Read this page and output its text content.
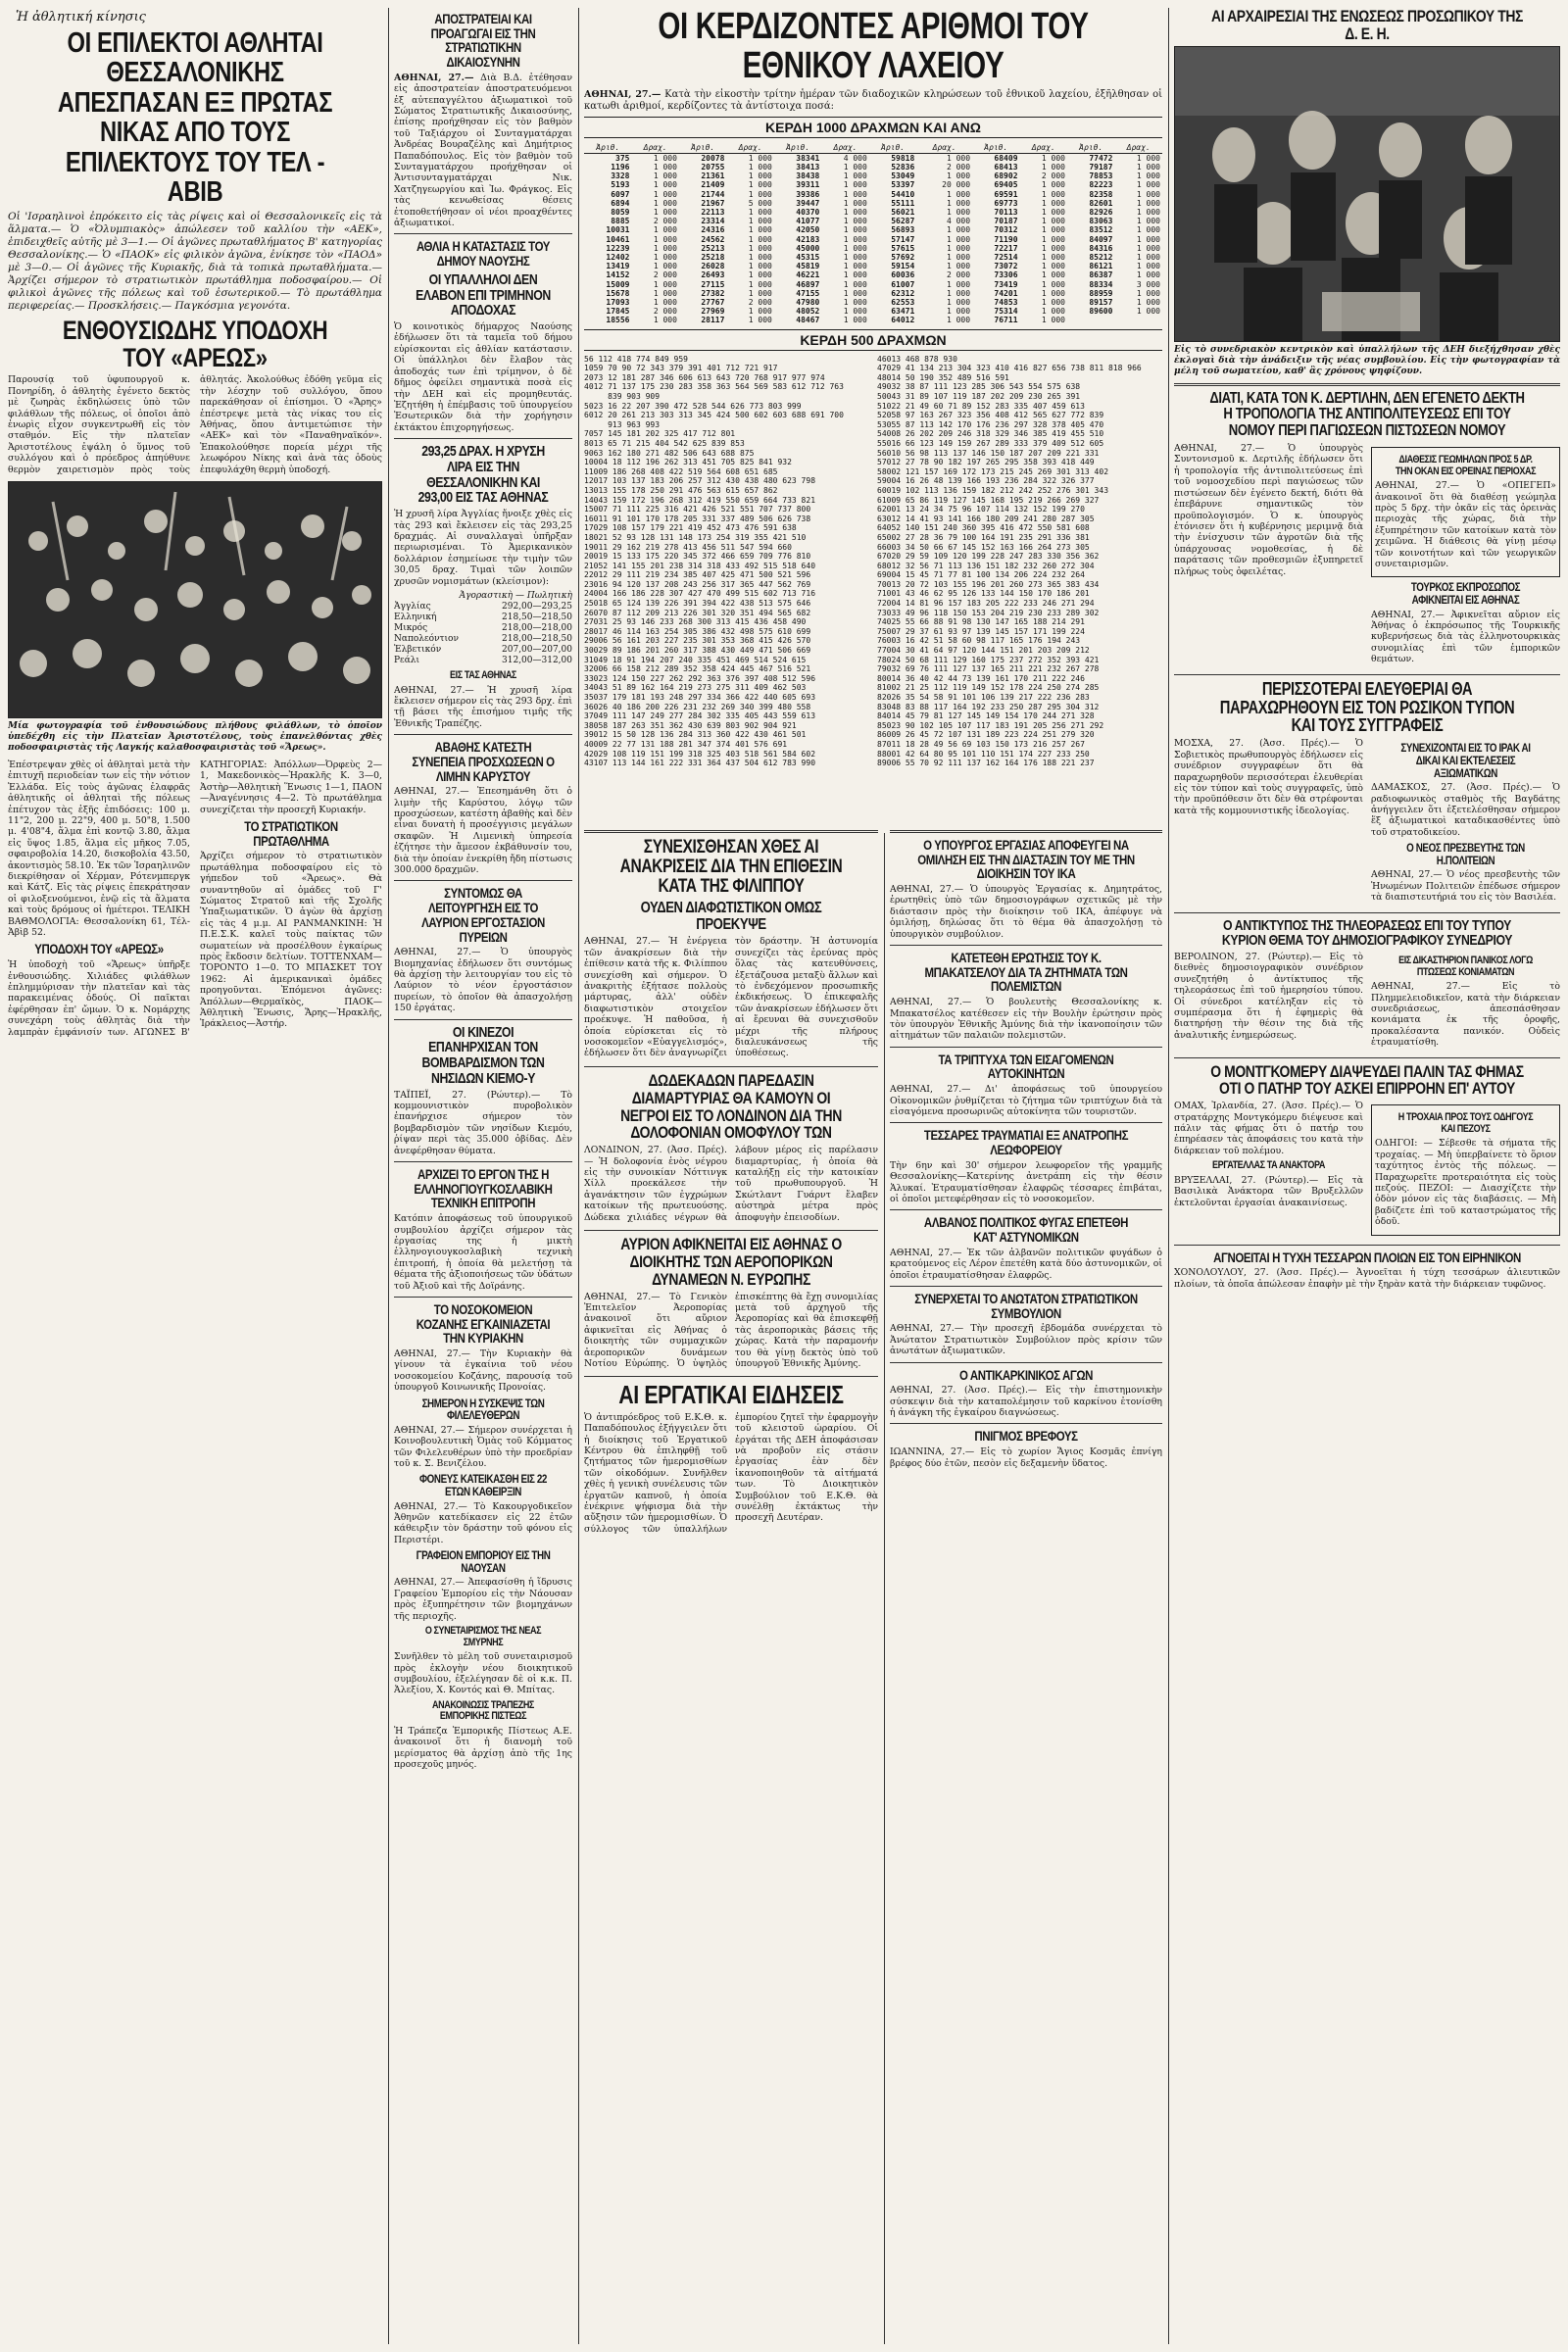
Ἡ ἀθλητική κίνησις
ΟΙ ΕΠΙΛΕΚΤΟΙ ΑΘΛΗΤΑΙ ΘΕΣΣΑΛΟΝΙΚΗΣ ΑΠΕΣΠΑΣΑΝ ΕΞ ΠΡΩΤΑΣ ΝΙΚΑΣ ΑΠΟ ΤΟΥΣ ΕΠΙΛΕΚΤΟΥΣ ΤΟΥ ΤΕΛ - ΑΒΙΒ

Οἱ 'Ισραηλινοὶ ἐπρόκειτο εἰς τὰς ρίψεις καὶ οἱ Θεσσαλονικεῖς εἰς τὰ ἅλματα.— Ὁ «Ὀλυμπιακὸς» ἀπώλεσεν τοῦ καλλίου τὴν «ΑΕΚ», ἐπιδειχθεῖς αὐτῆς μὲ 3—1.— Οἱ ἀγῶνες πρωταθλήματος Β' κατηγορίας Θεσσαλονίκης.— Ὁ «ΠΑΟΚ» εἰς φιλικὸν ἀγῶνα, ἐνίκησε τὸν «ΠΑΟΔ» μὲ 3—0.— Οἱ ἀγῶνες τῆς Κυριακῆς, διὰ τὰ τοπικὰ πρωταθλήματα.— Ἀρχίζει σήμερον τὸ στρατιωτικὸν πρωτάθλημα ποδοσφαίρου.— Οἱ φιλικοὶ ἀγῶνες τῆς πόλεως καὶ τοῦ ἐσωτερικοῦ.— Τὸ πρωτάθλημα περιφερείας.— Προσκλήσεις.— Παγκόσμια γεγονότα.

ΕΝΘΟΥΣΙΩΔΗΣ ΥΠΟΔΟΧΗ ΤΟΥ «ΑΡΕΩΣ»

Παρουσίᾳ τοῦ ὑφυπουργοῦ κ. Πονηρίδη, ὁ ἀθλητὴς ἐγένετο δεκτὸς μὲ ζωηρὰς ἐκδηλώσεις ὑπὸ τῶν φιλάθλων τῆς πόλεως, οἱ ὁποῖοι ἀπὸ ἐνωρὶς εἶχον συγκεντρωθῆ εἰς τὸν σταθμόν. Εἰς τὴν πλατεῖαν Ἀριστοτέλους ἐψάλη ὁ ὕμνος τοῦ συλλόγου καὶ ὁ πρόεδρος ἀπηύθυνε θερμὸν χαιρετισμὸν πρὸς τοὺς ἀθλητάς. Ἀκολούθως ἐδόθη γεῦμα εἰς τὴν λέσχην τοῦ συλλόγου, ὅπου παρεκάθησαν οἱ ἐπίσημοι. Ὁ «Ἄρης» ἐπέστρεψε μετὰ τὰς νίκας του εἰς Ἀθήνας, ὅπου ἀντιμετώπισε τὴν «ΑΕΚ» καὶ τὸν «Παναθηναϊκόν». Ἐπακολούθησε πορεία μέχρι τῆς λεωφόρου Νίκης καὶ ἀνὰ τὰς ὁδοὺς ἐπεφυλάχθη θερμὴ ὑποδοχή.

Μία φωτογραφία τοῦ ἐνθουσιώδους πλήθους φιλάθλων, τὸ ὁποῖον ὑπεδέχθη εἰς τὴν Πλατεῖαν Ἀριστοτέλους, τοὺς ἐπανελθόντας χθὲς ποδοσφαιριστὰς τῆς Λαγκής καλαθοσφαιριστὰς τοῦ «Ἄρεως».

Ἐπέστρεψαν χθὲς οἱ ἀθληταὶ μετὰ τὴν ἐπιτυχῆ περιοδείαν των εἰς τὴν νότιον Ἑλλάδα. Εἰς τοὺς ἀγῶνας ἐλαφρᾶς ἀθλητικῆς οἱ ἀθληταὶ τῆς πόλεως ἐπέτυχον τὰς ἑξῆς ἐπιδόσεις: 100 μ. 11"2, 200 μ. 22"9, 400 μ. 50"8, 1.500 μ. 4'08"4, ἅλμα ἐπὶ κοντῷ 3.80, ἅλμα εἰς ὕψος 1.85, ἅλμα εἰς μῆκος 7.05, σφαιροβολία 14.20, δισκοβολία 43.50, ἀκοντισμὸς 58.10. Ἐκ τῶν Ἰσραηλινῶν διεκρίθησαν οἱ Χέρμαν, Ρότενμπεργκ καὶ Κάτζ. Εἰς τὰς ρίψεις ἐπεκράτησαν οἱ φιλοξενούμενοι, ἐνῷ εἰς τὰ ἅλματα καὶ τοὺς δρόμους οἱ ἡμέτεροι. ΤΕΛΙΚΗ ΒΑΘΜΟΛΟΓΙΑ: Θεσσαλονίκη 61, Τέλ-Ἀβὶβ 52.

ΥΠΟΔΟΧΗ ΤΟΥ «ΑΡΕΩΣ»

Ἡ ὑποδοχὴ τοῦ «Ἄρεως» ὑπῆρξε ἐνθουσιώδης. Χιλιάδες φιλάθλων ἐπλημμύρισαν τὴν πλατεῖαν καὶ τὰς παρακειμένας ὁδούς. Οἱ παῖκται ἐφέρθησαν ἐπ' ὤμων. Ὁ κ. Νομάρχης συνεχάρη τοὺς ἀθλητὰς διὰ τὴν λαμπρὰν ἐμφάνισίν των. ΑΓΩΝΕΣ Β' ΚΑΤΗΓΟΡΙΑΣ: Ἀπόλλων—Ὀρφεὺς 2—1, Μακεδονικὸς—Ἠρακλῆς Κ. 3—0, Ἀστὴρ—Ἀθλητικὴ Ἕνωσις 1—1, ΠΑΟΝ—Ἀναγέννησις 4—2. Τὸ πρωτάθλημα συνεχίζεται τὴν προσεχῆ Κυριακήν.

ΤΟ ΣΤΡΑΤΙΩΤΙΚΟΝ ΠΡΩΤΑΘΛΗΜΑ

Ἀρχίζει σήμερον τὸ στρατιωτικὸν πρωτάθλημα ποδοσφαίρου εἰς τὸ γήπεδον τοῦ «Ἄρεως». Θὰ συναντηθοῦν αἱ ὁμάδες τοῦ Γ' Σώματος Στρατοῦ καὶ τῆς Σχολῆς Ὑπαξιωματικῶν. Ὁ ἀγὼν θὰ ἀρχίσῃ εἰς τὰς 4 μ.μ. ΑΙ ΡΑΝΜΑΝΚΙΝΗ: Ἡ Π.Ε.Σ.Κ. καλεῖ τοὺς παίκτας τῶν σωματείων νὰ προσέλθουν ἐγκαίρως πρὸς ἔκδοσιν δελτίων. ΤΟΤΤΕΝΧΑΜ—ΤΟΡΟΝΤΟ 1—0. ΤΟ ΜΠΑΣΚΕΤ ΤΟΥ 1962: Αἱ ἀμερικανικαὶ ὁμάδες προηγοῦνται. Ἐπόμενοι ἀγῶνες: Ἀπόλλων—Θερμαϊκὸς, ΠΑΟΚ—Ἀθλητικὴ Ἕνωσις, Ἄρης—Ἠρακλῆς, Ἰράκλειος—Ἀστήρ.

ΑΠΟΣΤΡΑΤΕΙΑΙ ΚΑΙ ΠΡΟΑΓΩΓΑΙ ΕΙΣ ΤΗΝ ΣΤΡΑΤΙΩΤΙΚΗΝ ΔΙΚΑΙΟΣΥΝΗΝ

ΑΘΗΝΑΙ, 27.— Διὰ Β.Δ. ἐτέθησαν εἰς ἀποστρατείαν ἀποστρατευόμενοι ἐξ αὐτεπαγγέλτου ἀξιωματικοὶ τοῦ Σώματος Στρατιωτικῆς Δικαιοσύνης, ἐπίσης προήχθησαν εἰς τὸν βαθμὸν τοῦ Ταξιάρχου οἱ Συνταγματάρχαι Ἀνδρέας Βουραζέλης καὶ Δημήτριος Παπαδόπουλος. Εἰς τὸν βαθμὸν τοῦ Συνταγματάρχου προήχθησαν οἱ Ἀντισυνταγματάρχαι Νικ. Χατζηγεωργίου καὶ Ἰω. Φράγκος. Εἰς τὰς κενωθείσας θέσεις ἐτοποθετήθησαν οἱ νέοι προαχθέντες ἀξιωματικοί.

ΑΘΛΙΑ Η ΚΑΤΑΣΤΑΣΙΣ ΤΟΥ ΔΗΜΟΥ ΝΑΟΥΣΗΣ
ΟΙ ΥΠΑΛΛΗΛΟΙ ΔΕΝ ΕΛΑΒΟΝ ΕΠΙ ΤΡΙΜΗΝΟΝ ΑΠΟΔΟΧΑΣ

Ὁ κοινοτικὸς δήμαρχος Ναούσης ἐδήλωσεν ὅτι τὰ ταμεῖα τοῦ δήμου εὑρίσκονται εἰς ἀθλίαν κατάστασιν. Οἱ ὑπάλληλοι δὲν ἔλαβον τὰς ἀποδοχάς των ἐπὶ τρίμηνον, ὁ δὲ δῆμος ὀφείλει σημαντικὰ ποσὰ εἰς τὴν ΔΕΗ καὶ εἰς προμηθευτάς. Ἐζητήθη ἡ ἐπέμβασις τοῦ ὑπουργείου Ἐσωτερικῶν διὰ τὴν χορήγησιν ἐκτάκτου ἐπιχορηγήσεως.

293,25 ΔΡΑΧ. Η ΧΡΥΣΗ ΛΙΡΑ ΕΙΣ ΤΗΝ ΘΕΣΣΑΛΟΝΙΚΗΝ ΚΑΙ 293,00 ΕΙΣ ΤΑΣ ΑΘΗΝΑΣ

Ἡ χρυσῆ λίρα Ἀγγλίας ἤνοιξε χθὲς εἰς τὰς 293 καὶ ἔκλεισεν εἰς τὰς 293,25 δραχμάς. Αἱ συναλλαγαὶ ὑπῆρξαν περιωρισμέναι. Τὸ Ἀμερικανικὸν δολλάριον ἐσημείωσε τὴν τιμὴν τῶν 30,05 δραχ. Τιμαὶ τῶν λοιπῶν χρυσῶν νομισμάτων (κλείσιμον):

Ἀγοραστικὴ — Πωλητικὴ
Ἀγγλίας	292,00—293,25
Ελληνική	218,50—218,50
Μικρός	218,00—218,00
Ναπολεόντιον	218,00—218,50
Ἑλβετικόν	207,00—207,00
Ρεάλι	312,00—312,00
ΕΙΣ ΤΑΣ ΑΘΗΝΑΣ

ΑΘΗΝΑΙ, 27.— Ἡ χρυσῆ λίρα ἔκλεισεν σήμερον εἰς τὰς 293 δρχ. ἐπὶ τῇ βάσει τῆς ἐπισήμου τιμῆς τῆς Ἐθνικῆς Τραπέζης.

ΑΒΑΘΗΣ ΚΑΤΕΣΤΗ ΣΥΝΕΠΕΙΑ ΠΡΟΣΧΩΣΕΩΝ Ο ΛΙΜΗΝ ΚΑΡΥΣΤΟΥ

ΑΘΗΝΑΙ, 27.— Ἐπεσημάνθη ὅτι ὁ λιμὴν τῆς Καρύστου, λόγῳ τῶν προσχώσεων, κατέστη ἀβαθὴς καὶ δὲν εἶναι δυνατὴ ἡ προσέγγισις μεγάλων σκαφῶν. Ἡ Λιμενικὴ ὑπηρεσία ἐζήτησε τὴν ἄμεσον ἐκβάθυνσίν του, διὰ τὴν ὁποίαν ἐνεκρίθη ἤδη πίστωσις 300.000 δραχμῶν.

ΣΥΝΤΟΜΩΣ ΘΑ ΛΕΙΤΟΥΡΓΗΣΗ ΕΙΣ ΤΟ ΛΑΥΡΙΟΝ ΕΡΓΟΣΤΑΣΙΟΝ ΠΥΡΕΙΩΝ

ΑΘΗΝΑΙ, 27.— Ὁ ὑπουργὸς Βιομηχανίας ἐδήλωσεν ὅτι συντόμως θὰ ἀρχίσῃ τὴν λειτουργίαν του εἰς τὸ Λαύριον τὸ νέον ἐργοστάσιον πυρείων, τὸ ὁποῖον θὰ ἀπασχολήσῃ 150 ἐργάτας.

ΟΙ ΚΙΝΕΖΟΙ ΕΠΑΝΗΡΧΙΣΑΝ ΤΟΝ ΒΟΜΒΑΡΔΙΣΜΟΝ ΤΩΝ ΝΗΣΙΔΩΝ ΚΙΕΜΟ-Υ

ΤΑΪΠΕΪ, 27. (Ρώυτερ).— Τὸ κομμουνιστικὸν πυροβολικὸν ἐπανήρχισε σήμερον τὸν βομβαρδισμὸν τῶν νησίδων Κιεμόυ, ῥίψαν περὶ τὰς 35.000 ὀβίδας. Δὲν ἀνεφέρθησαν θύματα.

ΑΡΧΙΖΕΙ ΤΟ ΕΡΓΟΝ ΤΗΣ Η ΕΛΛΗΝΟΓΙΟΥΓΚΟΣΛΑΒΙΚΗ ΤΕΧΝΙΚΗ ΕΠΙΤΡΟΠΗ

Κατόπιν ἀποφάσεως τοῦ ὑπουργικοῦ συμβουλίου ἀρχίζει σήμερον τὰς ἐργασίας της ἡ μικτὴ ἑλληνογιουγκοσλαβικὴ τεχνικὴ ἐπιτροπή, ἡ ὁποία θὰ μελετήσῃ τὰ θέματα τῆς ἀξιοποιήσεως τῶν ὑδάτων τοῦ Ἀξιοῦ καὶ τῆς Δοϊράνης.

ΤΟ ΝΟΣΟΚΟΜΕΙΟΝ ΚΟΖΑΝΗΣ ΕΓΚΑΙΝΙΑΖΕΤΑΙ ΤΗΝ ΚΥΡΙΑΚΗΝ

ΑΘΗΝΑΙ, 27.— Τὴν Κυριακὴν θὰ γίνουν τὰ ἐγκαίνια τοῦ νέου νοσοκομείου Κοζάνης, παρουσίᾳ τοῦ ὑπουργοῦ Κοινωνικῆς Προνοίας.

ΣΗΜΕΡΟΝ Η ΣΥΣΚΕΨΙΣ ΤΩΝ ΦΙΛΕΛΕΥΘΕΡΩΝ

ΑΘΗΝΑΙ, 27.— Σήμερον συνέρχεται ἡ Κοινοβουλευτικὴ Ὁμὰς τοῦ Κόμματος τῶν Φιλελευθέρων ὑπὸ τὴν προεδρίαν τοῦ κ. Σ. Βενιζέλου.

ΦΟΝΕΥΣ ΚΑΤΕΙΚΑΣΘΗ ΕΙΣ 22 ΕΤΩΝ ΚΑΘΕΙΡΞΙΝ

ΑΘΗΝΑΙ, 27.— Τὸ Κακουργοδικεῖον Ἀθηνῶν κατεδίκασεν εἰς 22 ἐτῶν κάθειρξιν τὸν δράστην τοῦ φόνου εἰς Περιστέρι.

ΓΡΑΦΕΙΟΝ ΕΜΠΟΡΙΟΥ ΕΙΣ ΤΗΝ ΝΑΟΥΣΑΝ

ΑΘΗΝΑΙ, 27.— Ἀπεφασίσθη ἡ ἵδρυσις Γραφείου Ἐμπορίου εἰς τὴν Νάουσαν πρὸς ἐξυπηρέτησιν τῶν βιομηχάνων τῆς περιοχῆς.

Ο ΣΥΝΕΤΑΙΡΙΣΜΟΣ ΤΗΣ ΝΕΑΣ ΣΜΥΡΝΗΣ

Συνῆλθεν τὸ μέλη τοῦ συνεταιρισμοῦ πρὸς ἐκλογὴν νέου διοικητικοῦ συμβουλίου, ἐξελέγησαν δὲ οἱ κ.κ. Π. Ἀλεξίου, Χ. Κοντός καὶ Θ. Μπίτας.

ΑΝΑΚΟΙΝΩΣΙΣ ΤΡΑΠΕΖΗΣ ΕΜΠΟΡΙΚΗΣ ΠΙΣΤΕΩΣ

Ἡ Τράπεζα Ἐμπορικῆς Πίστεως Α.Ε. ἀνακοινοῖ ὅτι ἡ διανομὴ τοῦ μερίσματος θὰ ἀρχίσῃ ἀπὸ τῆς 1ης προσεχοῦς μηνός.

ΟΙ ΚΕΡΔΙΖΟΝΤΕΣ ΑΡΙΘΜΟΙ ΤΟΥ ΕΘΝΙΚΟΥ ΛΑΧΕΙΟΥ

ΑΘΗΝΑΙ, 27.— Κατὰ τὴν εἰκοστὴν τρίτην ἡμέραν τῶν διαδοχικῶν κληρώσεων τοῦ ἐθνικοῦ λαχείου, ἐξῆλθησαν οἱ κατωθι ἀριθμοί, κερδίζοντες τὰ ἀντίστοιχα ποσά:

ΚΕΡΔΗ 1000 ΔΡΑΧΜΩΝ ΚΑΙ ΑΝΩ
Ἀριθ.	Δραχ.	Ἀριθ.	Δραχ.	Ἀριθ.	Δραχ.	Ἀριθ.	Δραχ.	Ἀριθ.	Δραχ.	Ἀριθ.	Δραχ.
375	1 000	20078	1 000	38341	4 000	59818	1 000	68409	1 000	77472	1 000
1196	1 000	20755	1 000	38413	1 000	52836	2 000	68413	1 000	79187	1 000
3328	1 000	21361	1 000	38438	1 000	53049	1 000	68902	2 000	78853	1 000
5193	1 000	21409	1 000	39311	1 000	53397	20 000	69405	1 000	82223	1 000
6097	1 000	21744	1 000	39386	1 000	54410	1 000	69591	1 000	82358	1 000
6894	1 000	21967	5 000	39447	1 000	55111	1 000	69773	1 000	82601	1 000
8059	1 000	22113	1 000	40370	1 000	56021	1 000	70113	1 000	82926	1 000
8885	2 000	23314	1 000	41077	1 000	56287	4 000	70187	1 000	83063	1 000
10031	1 000	24316	1 000	42050	1 000	56893	1 000	70312	1 000	83512	1 000
10461	1 000	24562	1 000	42183	1 000	57147	1 000	71190	1 000	84097	1 000
12239	1 000	25213	1 000	45000	1 000	57615	1 000	72217	1 000	84316	1 000
12402	1 000	25218	1 000	45315	1 000	57692	1 000	72514	1 000	85212	1 000
13419	1 000	26028	1 000	45819	1 000	59154	1 000	73072	1 000	86121	1 000
14152	2 000	26493	1 000	46221	1 000	60036	2 000	73306	1 000	86387	1 000
15009	1 000	27115	1 000	46897	1 000	61007	1 000	73419	1 000	88334	3 000
15678	1 000	27382	1 000	47155	1 000	62312	1 000	74201	1 000	88959	1 000
17093	1 000	27767	2 000	47980	1 000	62553	1 000	74853	1 000	89157	1 000
17845	2 000	27969	1 000	48052	1 000	63471	1 000	75314	1 000	89600	1 000
18556	1 000	28117	1 000	48467	1 000	64012	1 000	76711	1 000		
ΚΕΡΔΗ 500 ΔΡΑΧΜΩΝ
56 112 418 774 849 959
1059 70 90 72 343 379 391 401 712 721 917
2073 12 181 287 346 606 613 643 720 768 917 977 974
4012 71 137 175 230 283 358 363 564 569 583 612 712 763
839 903 909
5023 16 22 207 390 472 528 544 626 773 803 999
6012 20 261 213 303 313 345 424 500 602 603 688 691 700
913 963 993
7057 145 181 202 325 417 712 801
8013 65 71 215 404 542 625 839 853
9063 162 180 271 482 506 643 688 875
10004 18 112 196 262 313 451 705 825 841 932
11009 186 268 408 422 519 564 608 651 685
12017 103 137 183 206 257 312 430 438 480 623 798
13013 155 178 250 291 476 563 615 657 862
14043 159 172 196 268 312 419 550 659 664 733 821
15007 71 111 225 316 421 426 521 551 707 737 800
16011 91 101 170 178 205 331 337 489 506 626 738
17029 108 157 179 221 419 452 473 476 591 638
18021 52 93 128 131 148 173 254 319 355 421 510
19011 29 162 219 278 413 456 511 547 594 660
20019 15 133 175 220 345 372 466 659 709 776 810
21052 141 155 201 238 314 318 433 492 515 518 640
22012 29 111 219 234 385 407 425 471 500 521 596
23016 94 120 137 208 243 256 317 365 447 562 769
24004 166 186 228 307 427 470 499 515 602 713 716
25018 65 124 139 226 391 394 422 438 513 575 646
26070 87 112 209 213 226 301 320 351 494 565 682
27031 25 93 146 233 268 300 313 415 436 458 490
28017 46 114 163 254 305 386 432 498 575 610 699
29006 56 161 203 227 235 301 353 368 415 426 570
30029 89 186 201 260 317 388 430 449 471 506 669
31049 18 91 194 207 240 335 451 469 514 524 615
32006 66 158 212 289 352 358 424 445 467 516 521
33023 124 150 227 262 292 363 376 397 408 512 596
34043 51 89 162 164 219 273 275 311 409 462 503
35037 179 181 193 248 297 334 366 422 440 605 693
36026 40 186 200 226 231 232 269 340 399 480 558
37049 111 147 249 277 284 302 335 405 443 559 613
38058 187 263 351 362 430 639 803 902 904 921
39012 15 50 128 136 284 313 360 422 430 461 501
40009 22 77 131 188 281 347 374 401 576 691
42029 108 119 151 199 318 325 403 518 561 584 602
43107 113 144 161 222 331 364 437 504 612 783 990
46013 468 878 930
47029 41 134 213 304 323 410 416 827 656 738 811 818 966
48014 50 190 352 489 516 591
49032 38 87 111 123 285 306 543 554 575 638
50043 31 89 107 119 187 202 209 230 265 391
51022 21 49 60 71 89 152 283 335 407 459 613
52058 97 163 267 323 356 408 412 565 627 772 839
53055 87 113 142 170 176 236 297 328 378 405 470
54008 26 202 209 246 318 329 346 385 419 455 510
55016 66 123 149 159 267 289 333 379 409 512 605
56010 56 98 113 137 146 150 187 207 209 221 331
57012 27 78 90 182 197 265 295 358 393 418 449
58002 121 157 169 172 173 215 245 269 301 313 402
59004 16 26 48 139 166 193 236 284 322 326 377
60019 102 113 136 159 182 212 242 252 276 301 343
61009 65 86 119 127 145 168 195 219 266 269 327
62001 13 24 34 75 96 107 114 132 152 199 270
63012 14 41 93 141 166 180 209 241 280 287 305
64052 140 151 240 360 395 416 472 550 581 608
65002 27 28 36 79 100 164 191 235 291 336 381
66003 34 50 66 67 145 152 163 166 264 273 305
67020 29 59 109 120 199 228 247 283 330 356 362
68012 32 56 71 113 136 151 182 232 260 272 304
69004 15 45 71 77 81 100 134 206 224 232 264
70013 20 72 103 155 196 201 260 273 365 383 434
71001 43 46 62 95 126 133 144 150 170 186 201
72004 14 81 96 157 183 205 222 233 246 271 294
73033 49 96 118 150 153 204 219 230 233 289 302
74025 55 66 88 91 98 130 147 165 188 214 291
75007 29 37 61 93 97 139 145 157 171 199 224
76003 16 42 51 58 60 98 117 165 176 194 243
77004 30 41 64 97 120 144 151 201 203 209 212
78024 50 68 111 129 160 175 237 272 352 393 421
79032 69 76 111 127 137 165 211 221 232 267 278
80014 36 40 42 44 73 139 161 170 211 222 246
81002 21 25 112 119 149 152 178 224 250 274 285
82026 35 54 58 91 101 106 139 217 222 236 283
83048 83 88 117 164 192 233 250 287 295 304 312
84014 45 79 81 127 145 149 154 170 244 271 328
85023 90 102 105 107 117 183 191 205 256 271 292
86009 26 45 72 107 131 189 223 224 251 279 320
87011 18 28 49 56 69 103 150 173 216 257 267
88001 42 64 80 95 101 110 151 174 227 233 250
89006 55 70 92 111 137 162 164 176 188 221 237
ΣΥΝΕΧΙΣΘΗΣΑΝ ΧΘΕΣ ΑΙ ΑΝΑΚΡΙΣΕΙΣ ΔΙΑ ΤΗΝ ΕΠΙΘΕΣΙΝ ΚΑΤΑ ΤΗΣ ΦΙΛΙΠΠΟΥ
ΟΥΔΕΝ ΔΙΑΦΩΤΙΣΤΙΚΟΝ ΟΜΩΣ ΠΡΟΕΚΥΨΕ

ΑΘΗΝΑΙ, 27.— Ἡ ἐνέργεια τῶν ἀνακρίσεων διὰ τὴν ἐπίθεσιν κατὰ τῆς κ. Φιλίππου συνεχίσθη καὶ σήμερον. Ὁ ἀνακριτὴς ἐξήτασε πολλοὺς μάρτυρας, ἀλλ' οὐδὲν διαφωτιστικὸν στοιχεῖον προέκυψε. Ἡ παθοῦσα, ἡ ὁποία εὑρίσκεται εἰς τὸ νοσοκομεῖον «Εὐαγγελισμός», ἐδήλωσεν ὅτι δὲν ἀναγνωρίζει τὸν δράστην. Ἡ ἀστυνομία συνεχίζει τὰς ἐρεύνας πρὸς ὅλας τὰς κατευθύνσεις, ἐξετάζουσα μεταξὺ ἄλλων καὶ τὸ ἐνδεχόμενον προσωπικῆς ἐκδικήσεως. Ὁ ἐπικεφαλῆς τῶν ἀνακρίσεων ἐδήλωσεν ὅτι αἱ ἔρευναι θὰ συνεχισθοῦν μέχρι τῆς πλήρους διαλευκάνσεως τῆς ὑποθέσεως.

ΔΩΔΕΚΑΔΩΝ ΠΑΡΕΔΑΣΙΝ ΔΙΑΜΑΡΤΥΡΙΑΣ ΘΑ ΚΑΜΟΥΝ ΟΙ ΝΕΓΡΟΙ ΕΙΣ ΤΟ ΛΟΝΔΙΝΟΝ ΔΙΑ ΤΗΝ ΔΟΛΟΦΟΝΙΑΝ ΟΜΟΦΥΛΟΥ ΤΩΝ

ΛΟΝΔΙΝΟΝ, 27. (Ἀσσ. Πρές).— Ἡ δολοφονία ἑνὸς νέγρου εἰς τὴν συνοικίαν Νόττινγκ Χίλλ προεκάλεσε τὴν ἀγανάκτησιν τῶν ἐγχρώμων κατοίκων τῆς πρωτευούσης. Δώδεκα χιλιάδες νέγρων θὰ λάβουν μέρος εἰς παρέλασιν διαμαρτυρίας, ἡ ὁποία θὰ καταλήξῃ εἰς τὴν κατοικίαν τοῦ πρωθυπουργοῦ. Ἡ Σκώτλαντ Γυάρντ ἔλαβεν αὐστηρὰ μέτρα πρὸς ἀποφυγὴν ἐπεισοδίων.

ΑΥΡΙΟΝ ΑΦΙΚΝΕΙΤΑΙ ΕΙΣ ΑΘΗΝΑΣ Ο ΔΙΟΙΚΗΤΗΣ ΤΩΝ ΑΕΡΟΠΟΡΙΚΩΝ ΔΥΝΑΜΕΩΝ Ν. ΕΥΡΩΠΗΣ

ΑΘΗΝΑΙ, 27.— Τὸ Γενικὸν Ἐπιτελεῖον Ἀεροπορίας ἀνακοινοῖ ὅτι αὔριον ἀφικνεῖται εἰς Ἀθήνας ὁ διοικητὴς τῶν συμμαχικῶν ἀεροπορικῶν δυνάμεων Νοτίου Εὐρώπης. Ὁ ὑψηλὸς ἐπισκέπτης θὰ ἔχῃ συνομιλίας μετὰ τοῦ ἀρχηγοῦ τῆς Ἀεροπορίας καὶ θὰ ἐπισκεφθῇ τὰς ἀεροπορικὰς βάσεις τῆς χώρας. Κατὰ τὴν παραμονήν του θὰ γίνῃ δεκτὸς ὑπὸ τοῦ ὑπουργοῦ Ἐθνικῆς Ἀμύνης.

ΑΙ ΕΡΓΑΤΙΚΑΙ ΕΙΔΗΣΕΙΣ

Ὁ ἀντιπρόεδρος τοῦ Ε.Κ.Θ. κ. Παπαδόπουλος ἐξήγγειλεν ὅτι ἡ διοίκησις τοῦ Ἐργατικοῦ Κέντρου θὰ ἐπιληφθῇ τοῦ ζητήματος τῶν ἡμερομισθίων τῶν οἰκοδόμων. Συνῆλθεν χθὲς ἡ γενικὴ συνέλευσις τῶν ἐργατῶν καπνοῦ, ἡ ὁποία ἐνέκρινε ψήφισμα διὰ τὴν αὔξησιν τῶν ἡμερομισθίων. Ὁ σύλλογος τῶν ὑπαλλήλων ἐμπορίου ζητεῖ τὴν ἐφαρμογὴν τοῦ κλειστοῦ ὡραρίου. Οἱ ἐργάται τῆς ΔΕΗ ἀποφάσισαν νὰ προβοῦν εἰς στάσιν ἐργασίας ἐὰν δὲν ἱκανοποιηθοῦν τὰ αἰτήματά των. Τὸ Διοικητικὸν Συμβούλιον τοῦ Ε.Κ.Θ. θὰ συνέλθῃ ἐκτάκτως τὴν προσεχῆ Δευτέραν.

Ο ΥΠΟΥΡΓΟΣ ΕΡΓΑΣΙΑΣ ΑΠΟΦΕΥΓΕΙ ΝΑ ΟΜΙΛΗΣΗ ΕΙΣ ΤΗΝ ΔΙΑΣΤΑΣΙΝ ΤΟΥ ΜΕ ΤΗΝ ΔΙΟΙΚΗΣΙΝ ΤΟΥ ΙΚΑ

ΑΘΗΝΑΙ, 27.— Ὁ ὑπουργὸς Ἐργασίας κ. Δημητράτος, ἐρωτηθεὶς ὑπὸ τῶν δημοσιογράφων σχετικῶς μὲ τὴν διάστασιν πρὸς τὴν διοίκησιν τοῦ ΙΚΑ, ἀπέφυγε νὰ ὁμιλήσῃ, δηλώσας ὅτι τὸ θέμα θὰ ἀπασχολήσῃ τὸ ὑπουργικὸν συμβούλιον.

ΚΑΤΕΤΕΘΗ ΕΡΩΤΗΣΙΣ ΤΟΥ Κ. ΜΠΑΚΑΤΣΕΛΟΥ ΔΙΑ ΤΑ ΖΗΤΗΜΑΤΑ ΤΩΝ ΠΟΛΕΜΙΣΤΩΝ

ΑΘΗΝΑΙ, 27.— Ὁ βουλευτὴς Θεσσαλονίκης κ. Μπακατσέλος κατέθεσεν εἰς τὴν Βουλὴν ἐρώτησιν πρὸς τὸν ὑπουργὸν Ἐθνικῆς Ἀμύνης διὰ τὴν ἱκανοποίησιν τῶν αἰτημάτων τῶν παλαιῶν πολεμιστῶν.

ΤΑ ΤΡΙΠΤΥΧΑ ΤΩΝ ΕΙΣΑΓΟΜΕΝΩΝ ΑΥΤΟΚΙΝΗΤΩΝ

ΑΘΗΝΑΙ, 27.— Δι' ἀποφάσεως τοῦ ὑπουργείου Οἰκονομικῶν ῥυθμίζεται τὸ ζήτημα τῶν τριπτύχων διὰ τὰ εἰσαγόμενα προσωρινῶς αὐτοκίνητα τῶν τουριστῶν.

ΤΕΣΣΑΡΕΣ ΤΡΑΥΜΑΤΙΑΙ ΕΞ ΑΝΑΤΡΟΠΗΣ ΛΕΩΦΟΡΕΙΟΥ

Τὴν 6ην καὶ 30' σήμερον λεωφορεῖον τῆς γραμμῆς Θεσσαλονίκης—Κατερίνης ἀνετράπη εἰς τὴν θέσιν Ἁλυκαί. Ἐτραυματίσθησαν ἐλαφρῶς τέσσαρες ἐπιβάται, οἱ ὁποῖοι μετεφέρθησαν εἰς τὸ νοσοκομεῖον.

ΑΛΒΑΝΟΣ ΠΟΛΙΤΙΚΟΣ ΦΥΓΑΣ ΕΠΕΤΕΘΗ ΚΑΤ' ΑΣΤΥΝΟΜΙΚΩΝ

ΑΘΗΝΑΙ, 27.— Ἐκ τῶν ἀλβανῶν πολιτικῶν φυγάδων ὁ κρατούμενος εἰς Λέρον ἐπετέθη κατὰ δύο ἀστυνομικῶν, οἱ ὁποῖοι ἐτραυματίσθησαν ἐλαφρῶς.

ΣΥΝΕΡΧΕΤΑΙ ΤΟ ΑΝΩΤΑΤΟΝ ΣΤΡΑΤΙΩΤΙΚΟΝ ΣΥΜΒΟΥΛΙΟΝ

ΑΘΗΝΑΙ, 27.— Τὴν προσεχῆ ἑβδομάδα συνέρχεται τὸ Ἀνώτατον Στρατιωτικὸν Συμβούλιον πρὸς κρίσιν τῶν ἀνωτάτων ἀξιωματικῶν.

Ο ΑΝΤΙΚΑΡΚΙΝΙΚΟΣ ΑΓΩΝ

ΑΘΗΝΑΙ, 27. (Ἀσσ. Πρές).— Εἰς τὴν ἐπιστημονικὴν σύσκεψιν διὰ τὴν καταπολέμησιν τοῦ καρκίνου ἐτονίσθη ἡ ἀνάγκη τῆς ἐγκαίρου διαγνώσεως.

ΠΝΙΓΜΟΣ ΒΡΕΦΟΥΣ

ΙΩΑΝΝΙΝΑ, 27.— Εἰς τὸ χωρίον Ἄγιος Κοσμᾶς ἐπνίγη βρέφος δύο ἐτῶν, πεσὸν εἰς δεξαμενὴν ὕδατος.

ΑΙ ΑΡΧΑΙΡΕΣΙΑΙ ΤΗΣ ΕΝΩΣΕΩΣ ΠΡΟΣΩΠΙΚΟΥ ΤΗΣ Δ. Ε. Η.

Εἰς τὸ συνεδριακὸν κεντρικὸν καὶ ὑπαλλήλων τῆς ΔΕΗ διεξήχθησαν χθὲς ἐκλογαὶ διὰ τὴν ἀνάδειξιν τῆς νέας συμβουλίου. Εἰς τὴν φωτογραφίαν τὰ μέλη τοῦ σωματείου, καθ' ἃς χρόνους ψηφίζουν.

ΔΙΑΤΙ, ΚΑΤΑ ΤΟΝ Κ. ΔΕΡΤΙΛΗΝ, ΔΕΝ ΕΓΕΝΕΤΟ ΔΕΚΤΗ Η ΤΡΟΠΟΛΟΓΙΑ ΤΗΣ ΑΝΤΙΠΟΛΙΤΕΥΣΕΩΣ ΕΠΙ ΤΟΥ ΝΟΜΟΥ ΠΕΡΙ ΠΑΓΙΩΣΕΩΝ ΠΙΣΤΩΣΕΩΝ ΝΟΜΟΥ

ΑΘΗΝΑΙ, 27.— Ὁ ὑπουργὸς Συντονισμοῦ κ. Δερτιλῆς ἐδήλωσεν ὅτι ἡ τροπολογία τῆς ἀντιπολιτεύσεως ἐπὶ τοῦ νομοσχεδίου περὶ παγιώσεως τῶν πιστώσεων δὲν ἐγένετο δεκτή, διότι θὰ ἐπεβάρυνε σημαντικῶς τὸν προϋπολογισμόν. Ὁ κ. ὑπουργὸς ἐτόνισεν ὅτι ἡ κυβέρνησις μεριμνᾷ διὰ τὴν ἐνίσχυσιν τῶν ἀγροτῶν διὰ τῆς ὑπάρχουσας νομοθεσίας, ἡ δὲ παράτασις τῶν προθεσμιῶν ἐξυπηρετεῖ πλήρως τοὺς ὀφειλέτας.

ΔΙΑΘΕΣΙΣ ΓΕΩΜΗΛΩΝ ΠΡΟΣ 5 ΔΡ. ΤΗΝ ΟΚΑΝ ΕΙΣ ΟΡΕΙΝΑΣ ΠΕΡΙΟΧΑΣ

ΑΘΗΝΑΙ, 27.— Ὁ «ΟΠΕΓΕΠ» ἀνακοινοῖ ὅτι θὰ διαθέσῃ γεώμηλα πρὸς 5 δρχ. τὴν ὀκᾶν εἰς τὰς ὀρεινὰς περιοχὰς τῆς χώρας, διὰ τὴν ἐξυπηρέτησιν τῶν κατοίκων κατὰ τὸν χειμῶνα. Ἡ διάθεσις θὰ γίνῃ μέσῳ τῶν κοινοτήτων καὶ τῶν γεωργικῶν συνεταιρισμῶν.

ΤΟΥΡΚΟΣ ΕΚΠΡΟΣΩΠΟΣ ΑΦΙΚΝΕΙΤΑΙ ΕΙΣ ΑΘΗΝΑΣ

ΑΘΗΝΑΙ, 27.— Ἀφικνεῖται αὔριον εἰς Ἀθήνας ὁ ἐκπρόσωπος τῆς Τουρκικῆς κυβερνήσεως διὰ τὰς ἑλληνοτουρκικὰς συνομιλίας ἐπὶ τῶν ἐμπορικῶν θεμάτων.

ΠΕΡΙΣΣΟΤΕΡΑΙ ΕΛΕΥΘΕΡΙΑΙ ΘΑ ΠΑΡΑΧΩΡΗΘΟΥΝ ΕΙΣ ΤΟΝ ΡΩΣΙΚΟΝ ΤΥΠΟΝ ΚΑΙ ΤΟΥΣ ΣΥΓΓΡΑΦΕΙΣ

ΜΟΣΧΑ, 27. (Ἀσσ. Πρές).— Ὁ Σοβιετικὸς πρωθυπουργὸς ἐδήλωσεν εἰς συνέδριον συγγραφέων ὅτι θὰ παραχωρηθοῦν περισσότεραι ἐλευθερίαι εἰς τὸν τύπον καὶ τοὺς συγγραφεῖς, ὑπὸ τὴν προϋπόθεσιν ὅτι δὲν θὰ στρέφονται κατὰ τῆς κομμουνιστικῆς ἰδεολογίας.

ΣΥΝΕΧΙΖΟΝΤΑΙ ΕΙΣ ΤΟ ΙΡΑΚ ΑΙ ΔΙΚΑΙ ΚΑΙ ΕΚΤΕΛΕΣΕΙΣ ΑΞΙΩΜΑΤΙΚΩΝ

ΔΑΜΑΣΚΟΣ, 27. (Ἀσσ. Πρές).— Ὁ ραδιοφωνικὸς σταθμὸς τῆς Βαγδάτης ἀνήγγειλεν ὅτι ἐξετελέσθησαν σήμερον ἕξ ἀξιωματικοὶ καταδικασθέντες ὑπὸ τοῦ στρατοδικείου.

Ο ΝΕΟΣ ΠΡΕΣΒΕΥΤΗΣ ΤΩΝ Η.ΠΟΛΙΤΕΙΩΝ

ΑΘΗΝΑΙ, 27.— Ὁ νέος πρεσβευτὴς τῶν Ἡνωμένων Πολιτειῶν ἐπέδωσε σήμερον τὰ διαπιστευτήριά του εἰς τὸν Βασιλέα.

Ο ΑΝΤΙΚΤΥΠΟΣ ΤΗΣ ΤΗΛΕΟΡΑΣΕΩΣ ΕΠΙ ΤΟΥ ΤΥΠΟΥ ΚΥΡΙΟΝ ΘΕΜΑ ΤΟΥ ΔΗΜΟΣΙΟΓΡΑΦΙΚΟΥ ΣΥΝΕΔΡΙΟΥ

ΒΕΡΟΛΙΝΟΝ, 27. (Ρώυτερ).— Εἰς τὸ διεθνὲς δημοσιογραφικὸν συνέδριον συνεζητήθη ὁ ἀντίκτυπος τῆς τηλεοράσεως ἐπὶ τοῦ ἡμερησίου τύπου. Οἱ σύνεδροι κατέληξαν εἰς τὸ συμπέρασμα ὅτι ἡ ἐφημερὶς θὰ διατηρήσῃ τὴν θέσιν της διὰ τῆς ἀναλυτικῆς ἐνημερώσεως.

ΕΙΣ ΔΙΚΑΣΤΗΡΙΟΝ ΠΑΝΙΚΟΣ ΛΟΓΩ ΠΤΩΣΕΩΣ ΚΟΝΙΑΜΑΤΩΝ

ΑΘΗΝΑΙ, 27.— Εἰς τὸ Πλημμελειοδικεῖον, κατὰ τὴν διάρκειαν συνεδριάσεως, ἀπεσπάσθησαν κονιάματα ἐκ τῆς ὀροφῆς, προκαλέσαντα πανικόν. Οὐδεὶς ἐτραυματίσθη.

Ο ΜΟΝΤΓΚΟΜΕΡΥ ΔΙΑΨΕΥΔΕΙ ΠΑΛΙΝ ΤΑΣ ΦΗΜΑΣ ΟΤΙ Ο ΠΑΤΗΡ ΤΟΥ ΑΣΚΕΙ ΕΠΙΡΡΟΗΝ ΕΠ' ΑΥΤΟΥ

ΟΜΑΧ, Ἰρλανδία, 27. (Ἀσσ. Πρές).— Ὁ στρατάρχης Μοντγκόμερυ διέψευσε καὶ πάλιν τὰς φήμας ὅτι ὁ πατήρ του ἐπηρέασεν τὰς ἀποφάσεις του κατὰ τὴν διάρκειαν τοῦ πολέμου.

ΕΡΓΑΤΕΛΛΑΣ ΤΑ ΑΝΑΚΤΟΡΑ

ΒΡΥΞΕΛΛΑΙ, 27. (Ρώυτερ).— Εἰς τὰ Βασιλικὰ Ἀνάκτορα τῶν Βρυξελλῶν ἐκτελοῦνται ἐργασίαι ἀνακαινίσεως.

Η ΤΡΟΧΑΙΑ ΠΡΟΣ ΤΟΥΣ ΟΔΗΓΟΥΣ ΚΑΙ ΠΕΖΟΥΣ

ΟΔΗΓΟΙ: — Σέβεσθε τὰ σήματα τῆς τροχαίας. — Μὴ ὑπερβαίνετε τὸ ὅριον ταχύτητος ἐντὸς τῆς πόλεως. — Παραχωρεῖτε προτεραιότητα εἰς τοὺς πεζούς. ΠΕΖΟΙ: — Διασχίζετε τὴν ὁδὸν μόνον εἰς τὰς διαβάσεις. — Μὴ βαδίζετε ἐπὶ τοῦ καταστρώματος τῆς ὁδοῦ.

ΑΓΝΟΕΙΤΑΙ Η ΤΥΧΗ ΤΕΣΣΑΡΩΝ ΠΛΟΙΩΝ ΕΙΣ ΤΟΝ ΕΙΡΗΝΙΚΟΝ

ΧΟΝΟΛΟΥΛΟΥ, 27. (Ἀσσ. Πρές).— Ἀγνοεῖται ἡ τύχη τεσσάρων ἁλιευτικῶν πλοίων, τὰ ὁποῖα ἀπώλεσαν ἐπαφὴν μὲ τὴν ξηρὰν κατὰ τὴν διάρκειαν τυφῶνος.
